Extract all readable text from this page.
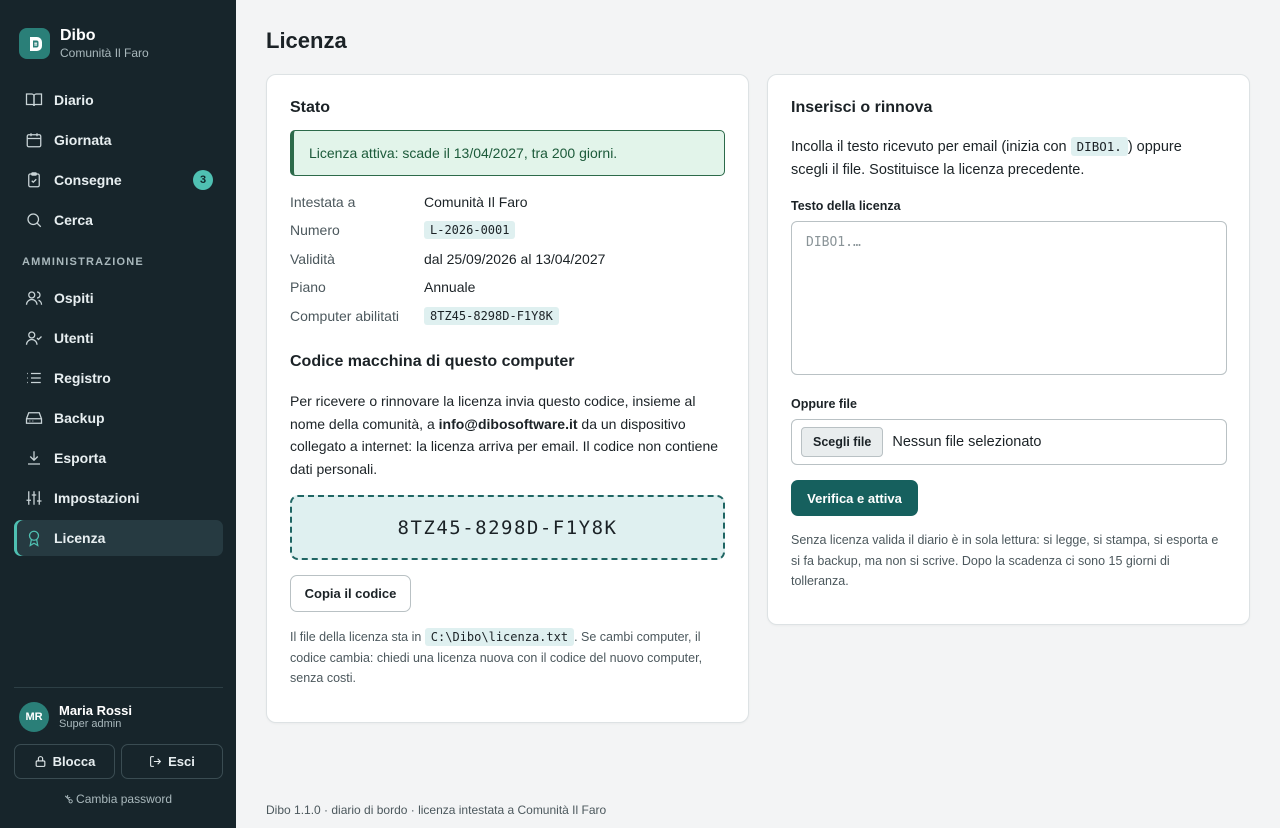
Dibo
Comunità Il Faro
Diario
Giornata
Consegne	3
Cerca
AMMINISTRAZIONE
Ospiti
Utenti
Registro
Backup
Esporta
Impostazioni
Licenza
MR	Maria Rossi
Super admin
Blocca	Esci
⚷ Cambia password
Licenza
Stato
Licenza attiva: scade il 13/04/2027, tra 200 giorni.
Intestata a	Comunità Il Faro
Numero	L-2026-0001
Validità	dal 25/09/2026 al 13/04/2027
Piano	Annuale
Computer abilitati	8TZ45-8298D-F1Y8K
Codice macchina di questo computer

Per ricevere o rinnovare la licenza invia questo codice, insieme al nome della comunità, a info@dibosoftware.it da un dispositivo collegato a internet: la licenza arriva per email. Il codice non contiene dati personali.

8TZ45-8298D-F1Y8K
Copia il codice

Il file della licenza sta in C:\Dibo\licenza.txt . Se cambi computer, il codice cambia: chiedi una licenza nuova con il codice del nuovo computer, senza costi.

Inserisci o rinnova

Incolla il testo ricevuto per email (inizia con DIBO1. ) oppure scegli il file. Sostituisce la licenza precedente.

Testo della licenza
DIBO1.…
Oppure file
Scegli file	Nessun file selezionato
Verifica e attiva

Senza licenza valida il diario è in sola lettura: si legge, si stampa, si esporta e si fa backup, ma non si scrive. Dopo la scadenza ci sono 15 giorni di tolleranza.

Dibo 1.1.0 · diario di bordo · licenza intestata a Comunità Il Faro
